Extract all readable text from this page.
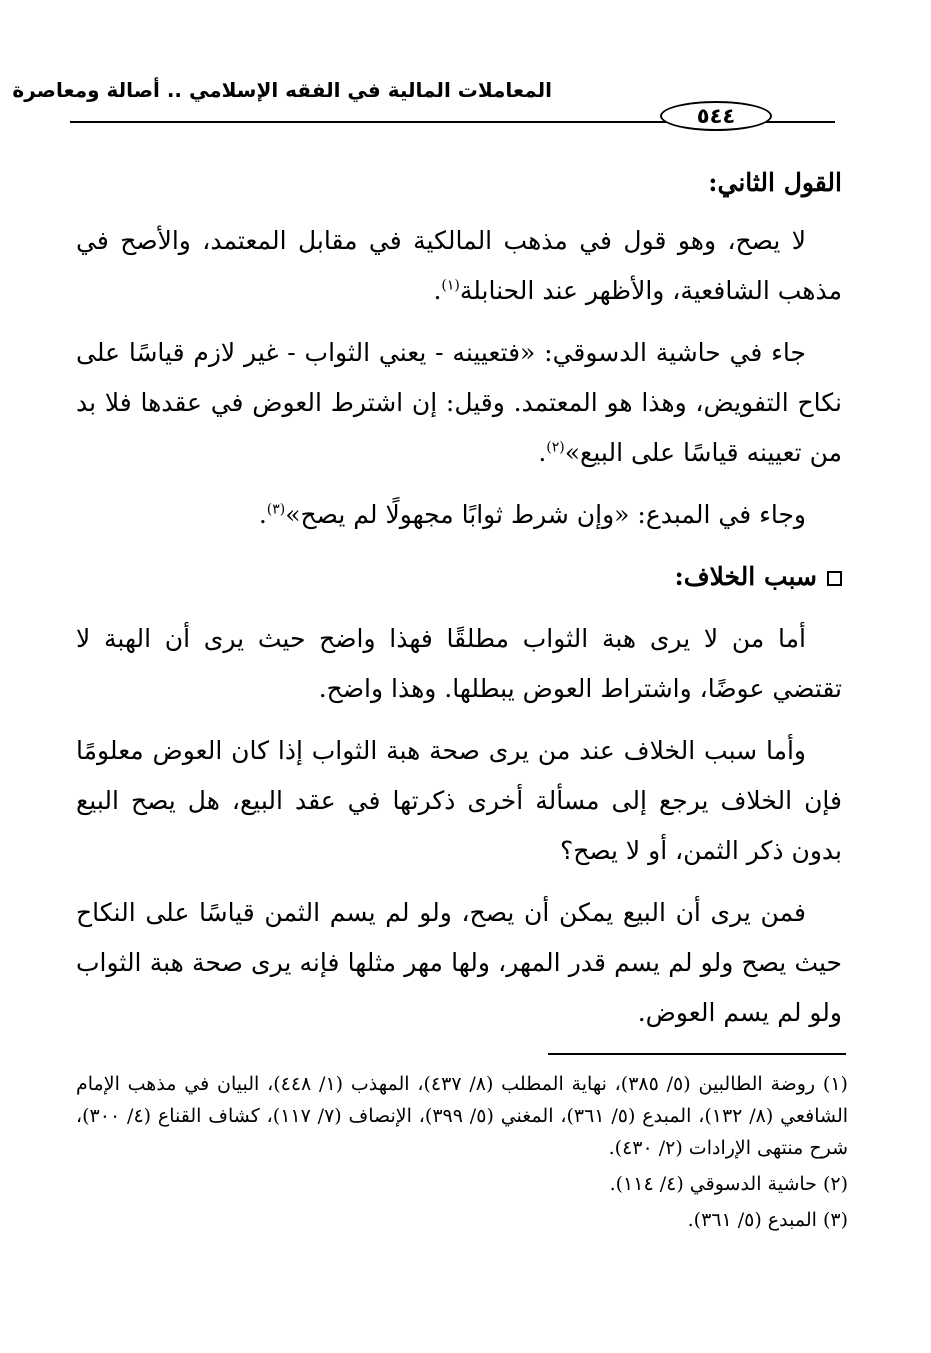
المعاملات المالية في الفقه الإسلامي .. أصالة ومعاصرة
٥٤٤

القول الثاني:

لا يصح، وهو قول في مذهب المالكية في مقابل المعتمد، والأصح في مذهب الشافعية، والأظهر عند الحنابلة$^{(١)}$.

جاء في حاشية الدسوقي: «فتعيينه - يعني الثواب - غير لازم قياسًا على نكاح التفويض، وهذا هو المعتمد. وقيل: إن اشترط العوض في عقدها فلا بد من تعيينه قياسًا على البيع»$^{(٢)}$.

وجاء في المبدع: «وإن شرط ثوابًا مجهولًا لم يصح»$^{(٣)}$.

سبب الخلاف:

أما من لا يرى هبة الثواب مطلقًا فهذا واضح حيث يرى أن الهبة لا تقتضي عوضًا، واشتراط العوض يبطلها. وهذا واضح.

وأما سبب الخلاف عند من يرى صحة هبة الثواب إذا كان العوض معلومًا فإن الخلاف يرجع إلى مسألة أخرى ذكرتها في عقد البيع، هل يصح البيع بدون ذكر الثمن، أو لا يصح؟

فمن يرى أن البيع يمكن أن يصح، ولو لم يسم الثمن قياسًا على النكاح حيث يصح ولو لم يسم قدر المهر، ولها مهر مثلها فإنه يرى صحة هبة الثواب ولو لم يسم العوض.

(١) روضة الطالبين (٥/ ٣٨٥)، نهاية المطلب (٨/ ٤٣٧)، المهذب (١/ ٤٤٨)، البيان في مذهب الإمام الشافعي (٨/ ١٣٢)، المبدع (٥/ ٣٦١)، المغني (٥/ ٣٩٩)، الإنصاف (٧/ ١١٧)، كشاف القناع (٤/ ٣٠٠)، شرح منتهى الإرادات (٢/ ٤٣٠).

(٢) حاشية الدسوقي (٤/ ١١٤).

(٣) المبدع (٥/ ٣٦١).
